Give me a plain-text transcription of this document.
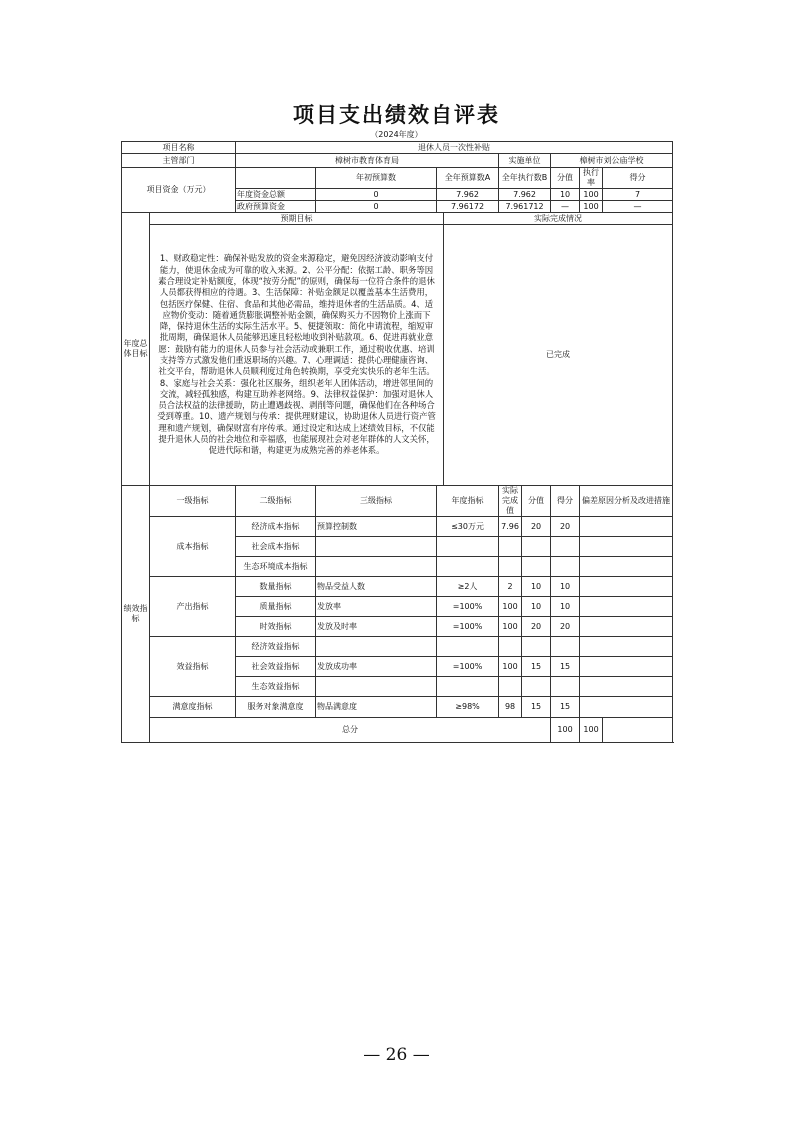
项目支出绩效自评表
（2024年度）
项目名称		退休人员一次性补贴								
主管部门		樟树市教育体育局				实施单位		樟树市刘公庙学校		
项目资金（万元）			年初预算数	全年预算数A		全年执行数B		分值	执行率	得分
		年度资金总额	0	7.962		7.962		10	100	7
		政府预算资金	0	7.96172		7.961712		—	100	—
年度总体目标	预期目标				实际完成情况					
	1、财政稳定性：确保补贴发放的资金来源稳定，避免因经济波动影响支付能力，使退休金成为可靠的收入来源。2、公平分配：依据工龄、职务等因素合理设定补贴额度，体现“按劳分配”的原则，确保每一位符合条件的退休人员都获得相应的待遇。3、生活保障：补贴金额足以覆盖基本生活费用，包括医疗保健、住宿、食品和其他必需品，维持退休者的生活品质。4、适应物价变动：随着通货膨胀调整补贴金额，确保购买力不因物价上涨而下降，保持退休生活的实际生活水平。5、便捷领取：简化申请流程，缩短审批周期，确保退休人员能够迅速且轻松地收到补贴款项。6、促进再就业意愿：鼓励有能力的退休人员参与社会活动或兼职工作，通过税收优惠、培训支持等方式激发他们重返职场的兴趣。7、心理调适：提供心理健康咨询、社交平台，帮助退休人员顺利度过角色转换期，享受充实快乐的老年生活。8、家庭与社会关系：强化社区服务，组织老年人团体活动，增进邻里间的交流，减轻孤独感，构建互助养老网络。9、法律权益保护：加强对退休人员合法权益的法律援助，防止遭遇歧视、剥削等问题，确保他们在各种场合受到尊重。10、遗产规划与传承：提供理财建议，协助退休人员进行资产管理和遗产规划，确保财富有序传承。通过设定和达成上述绩效目标，不仅能提升退休人员的社会地位和幸福感，也能展现社会对老年群体的人文关怀，促进代际和谐，构建更为成熟完善的养老体系。				已完成					
绩效指标	一级指标	二级指标	三级指标	年度指标		实际完成值	分值	得分	偏差原因分析及改进措施	
	成本指标	经济成本指标	预算控制数	≤30万元		7.96	20	20		
		社会成本指标								
		生态环境成本指标								
	产出指标	数量指标	物品受益人数	≥2人		2	10	10		
		质量指标	发放率	=100%		100	10	10		
		时效指标	发放及时率	=100%		100	20	20		
	效益指标	经济效益指标								
		社会效益指标	发放成功率	=100%		100	15	15		
		生态效益指标								
	满意度指标	服务对象满意度	物品满意度	≥98%		98	15	15		
	总分							100	100	
— 26 —
